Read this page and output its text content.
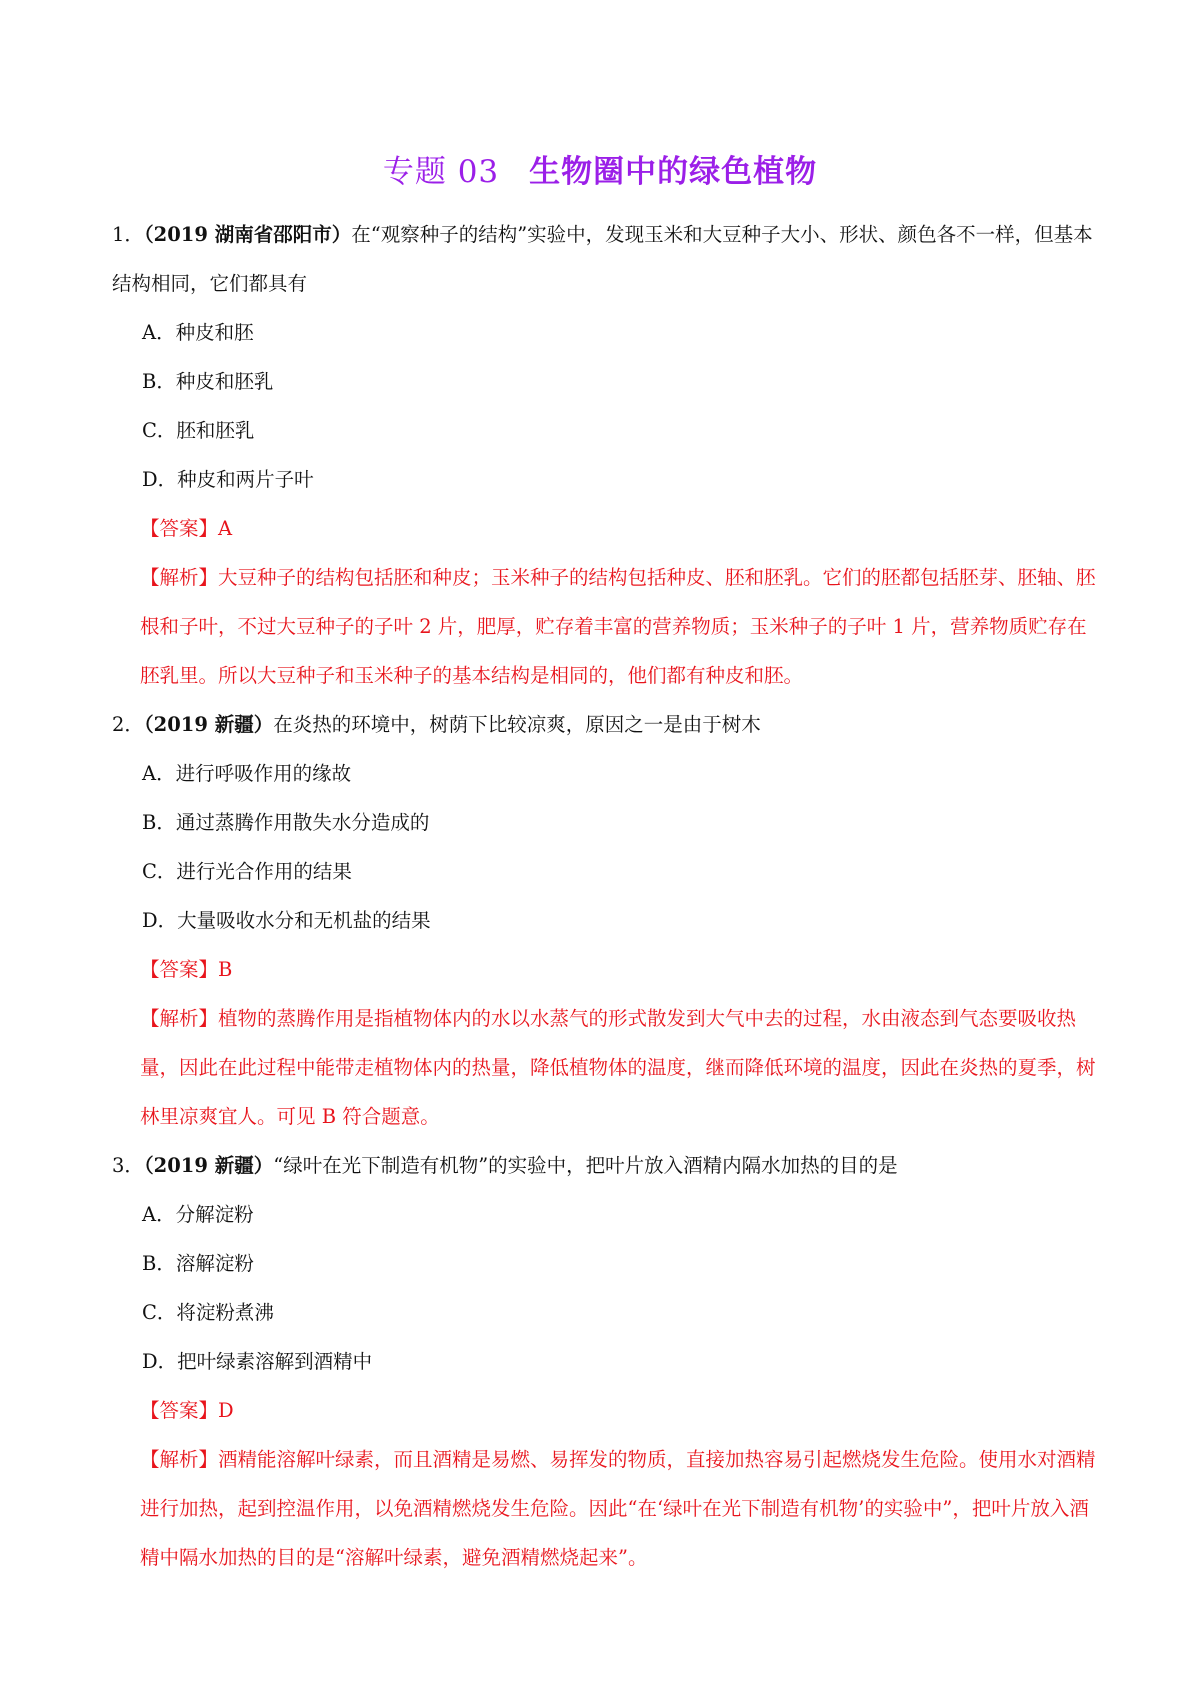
专题 03 生物圈中的绿色植物

1．（2019 湖南省邵阳市）在“观察种子的结构”实验中，发现玉米和大豆种子大小、形状、颜色各不一样，但基本结构相同，它们都具有

A．种皮和胚

B．种皮和胚乳

C．胚和胚乳

D．种皮和两片子叶

【答案】A

【解析】大豆种子的结构包括胚和种皮；玉米种子的结构包括种皮、胚和胚乳。它们的胚都包括胚芽、胚轴、胚根和子叶，不过大豆种子的子叶 2 片，肥厚，贮存着丰富的营养物质；玉米种子的子叶 1 片，营养物质贮存在胚乳里。所以大豆种子和玉米种子的基本结构是相同的，他们都有种皮和胚。

2．（2019 新疆）在炎热的环境中，树荫下比较凉爽，原因之一是由于树木

A．进行呼吸作用的缘故

B．通过蒸腾作用散失水分造成的

C．进行光合作用的结果

D．大量吸收水分和无机盐的结果

【答案】B

【解析】植物的蒸腾作用是指植物体内的水以水蒸气的形式散发到大气中去的过程，水由液态到气态要吸收热量，因此在此过程中能带走植物体内的热量，降低植物体的温度，继而降低环境的温度，因此在炎热的夏季，树林里凉爽宜人。可见 B 符合题意。

3．（2019 新疆）“绿叶在光下制造有机物”的实验中，把叶片放入酒精内隔水加热的目的是

A．分解淀粉

B．溶解淀粉

C．将淀粉煮沸

D．把叶绿素溶解到酒精中

【答案】D

【解析】酒精能溶解叶绿素，而且酒精是易燃、易挥发的物质，直接加热容易引起燃烧发生危险。使用水对酒精进行加热，起到控温作用，以免酒精燃烧发生危险。因此“在‘绿叶在光下制造有机物’的实验中”，把叶片放入酒精中隔水加热的目的是“溶解叶绿素，避免酒精燃烧起来”。
